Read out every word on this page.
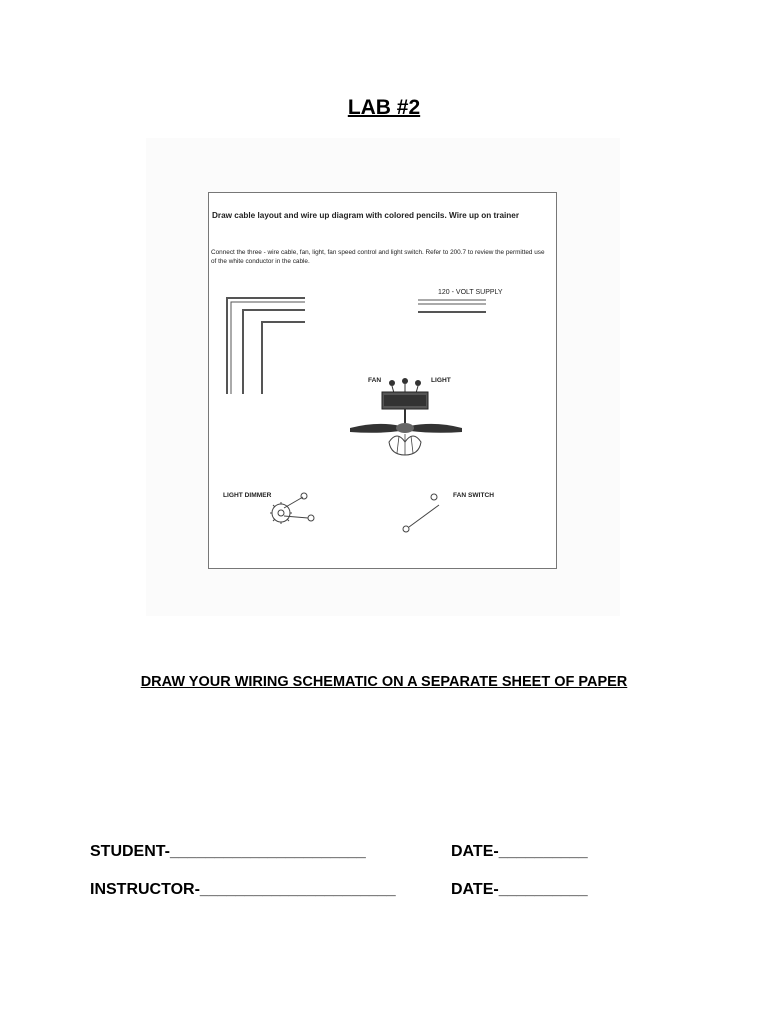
LAB #2
Draw cable layout and wire up diagram with colored pencils. Wire up on trainer
Connect the three - wire cable, fan, light, fan speed control and light switch. Refer to 200.7 to review the permitted use of the white conductor in the cable.
120 - VOLT SUPPLY
FAN	LIGHT
LIGHT DIMMER	FAN SWITCH
DRAW YOUR WIRING SCHEMATIC ON A SEPARATE SHEET OF PAPER
STUDENT-______________________	DATE-__________
INSTRUCTOR-______________________	DATE-__________
